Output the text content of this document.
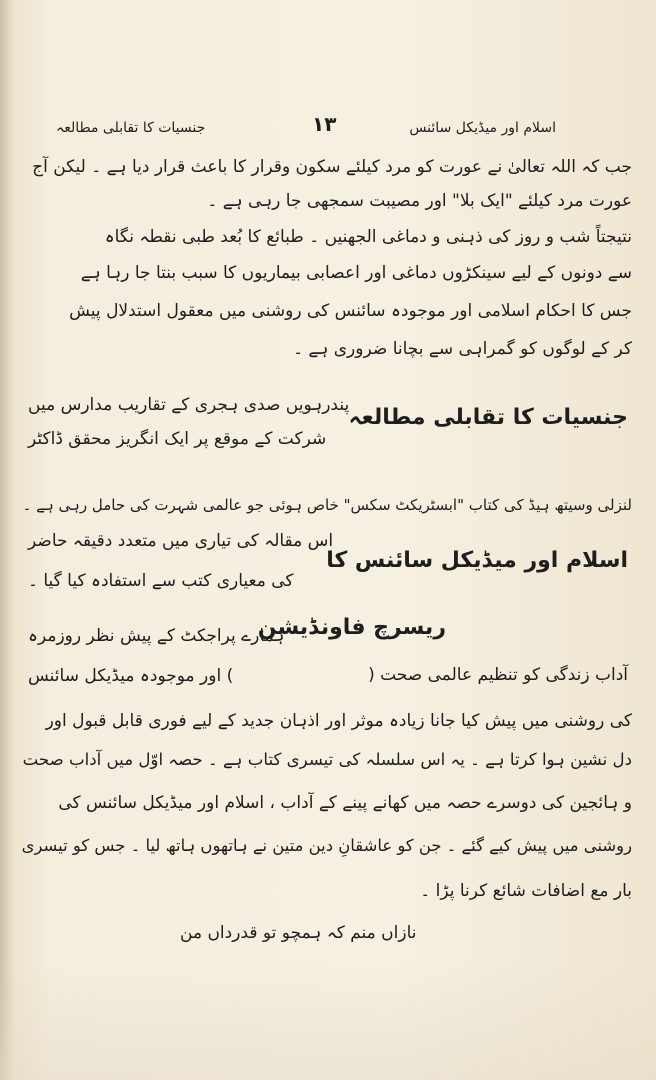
اسلام اور میڈیکل سائنس
١٣
جنسیات کا تقابلی مطالعہ
جب کہ اللہ تعالیٰ نے عورت کو مرد کیلئے سکون وقرار کا باعث قرار دیا ہے ۔ لیکن آج
عورت مرد کیلئے "ایک بلا" اور مصیبت سمجھی جا رہی ہے ۔
نتیجتاً شب و روز کی ذہنی و دماغی الجھنیں ۔ طبائع کا بُعد طبی نقطہ نگاہ
سے دونوں کے لیے سینکڑوں دماغی اور اعصابی بیماریوں کا سبب بنتا جا رہا ہے
جس کا احکام اسلامی اور موجودہ سائنس کی روشنی میں معقول استدلال پیش
کر کے لوگوں کو گمراہی سے بچانا ضروری ہے ۔
جنسیات کا تقابلی مطالعہ
پندرہویں صدی ہجری کے تقاریب مدارس میں
شرکت کے موقع پر ایک انگریز محقق ڈاکٹر
لنزلی وسیتھ ہیڈ کی کتاب "ابسٹریکٹ سکس" خاص ہوئی جو عالمی شہرت کی حامل رہی ہے ۔
اسلام اور میڈیکل سائنس کا
اس مقالہ کی تیاری میں متعدد دقیقہ حاضر
کی معیاری کتب سے استفادہ کیا گیا ۔
ریسرچ فاونڈیشن
ہمارے پراجکٹ کے پیش نظر روزمرہ
آداب زندگی کو تنظیم عالمی صحت (
) اور موجودہ میڈیکل سائنس
کی روشنی میں پیش کیا جانا زیادہ موثر اور اذہان جدید کے لیے فوری قابل قبول اور
دل نشین ہوا کرتا ہے ۔ یہ اس سلسلہ کی تیسری کتاب ہے ۔ حصہ اوّل میں آداب صحت
و ہائجین کی دوسرے حصہ میں کھانے پینے کے آداب ، اسلام اور میڈیکل سائنس کی
روشنی میں پیش کیے گئے ۔ جن کو عاشقانِ دین متین نے ہاتھوں ہاتھ لیا ۔ جس کو تیسری
بار مع اضافات شائع کرنا پڑا ۔
نازاں منم کہ ہمچو تو قدرداں من
